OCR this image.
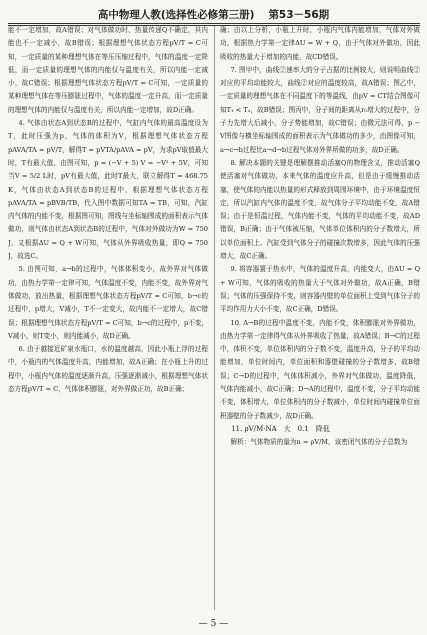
高中物理人教(选择性必修第三册) 第53－56期

能不一定增加，故A错误；对气体做功时，热量传递Q不确定，其内能也不一定减小，故B错误；根据理想气体状态方程pV/T = C可知，一定质量的某种理想气体在等压压缩过程中，气体的温度一定降低，而一定质量的理想气体的内能仅与温度有关，所以内能一定减小，故C错误；根据理想气体状态方程pV/T = C可知，一定质量的某种理想气体在等压膨胀过程中，气体的温度一定升高，而一定质量的理想气体的内能仅与温度有关，所以内能一定增加，故D正确。

4. 气体由状态A到状态B的过程中，气缸内气体的最高温度设为T，此时压强为p，气体的体积为V，根据理想气体状态方程pAVA/TA = pV/T，解得T = pVTA/pAVA = pV，为求pV取值最大时，T有最大值，由图可知，p = (−V + 5) V = −V² + 5V，可知当V = 5/2 L时，pV有最大值，此时T最大，联立解得T = 468.75 K，气体由状态A到状态B的过程中，根据理想气体状态方程pAVA/TA = pBVB/TB，代入图中数据可知TA = TB，可知，汽缸内气体的内能不变，根据图可知，图线与坐标轴围成的面积表示气体做功，则气体由状态A到状态B的过程中，气体对外做功为W = 750 J，又根据ΔU = Q + W可知，气体从外界吸收热量，即Q = 750 J，故选C。

5. 由图可知，a→b的过程中，气体体积变小，故外界对气体做功，由热力学第一定律可知，气体温度不变，内能不变，故外界对气体做功，放出热量，根据理想气体状态方程pV/T = C可知，b→c的过程中，p增大，V减小，T不一定变大，故内能不一定增大，故C错误；根据理想气体状态方程pV/T = C可知，b→c的过程中，p不变，V减小，则T变小，则内能减小，故D正确。

6. 由于越接近矿泉水瓶口，水的温度越高，因此小瓶上浮的过程中，小瓶内的气体温度升高，内能增加，故A正确；在小瓶上升的过程中，小瓶内气体的温度逐渐升高，压强逐渐减小，根据理想气体状态方程pV/T = C，气体体积膨胀，对外界做正功，故B正确；

确；由以上分析，小瓶上升时，小瓶内气体内能增加，气体对外做功，根据热力学第一定律ΔU = W + Q，由于气体对外做功，因此吸收的热量大于增加的内能，故CD错误。

7. 图甲中，曲线②速率大的分子占据的比例较大，则说明曲线②对应的平均动能较大，曲线②对应的温度较高，故A错误；图乙中，一定质量的理想气体在不同温度下的等温线，由pV = CT结合图像可知T₁ < T₂，故B错误；图丙中，分子间的距离从r₀增大的过程中，分子力先增大后减小，分子势能增加，故C错误；由微元法可得，p − V图像与横坐标轴围成的面积表示为气体做功的多少，由图像可知，a→c→b过程比a→d→b过程气体对外界所做的功多，故D正确。

8. 解决本题的关键是理解摆推动活塞Q的物理含义，推动活塞Q使活塞对气体做功，本来气体的温度应升高，但是由于缓慢推动活塞，使气体的内能以热量的形式释放到周围环境中，由于环境温度恒定，所以汽缸内气体的温度不变，故气体分子平均动能不变，故A错误；由于是恒温过程，气体内能不变，气体的平均动能不变，故AD错误，B正确；由于气体被压缩，气体单位体积内的分子数增大，所以单位面积上、汽缸受到气体分子的碰撞次数增多，因此气体的压强增大，故C正确。

9. 将容器置于热水中，气体的温度升高，内能变大，由ΔU = Q + W可知，气体的吸收的热量大于气体对外做功，故A正确，B错误；气体的压强保持不变，则容器内壁的单位面积上受到气体分子的平均作用力大小不变，故C正确，D错误。

10. A→B的过程中温度不变，内能不变，体积膨胀对外界做功，由热力学第一定律得气体从外界吸收了热量，故A错误；B→C的过程中，体积不变，单位体积内的分子数不变，温度升高，分子的平均动能增加，单位时间内，单位面积和器壁碰撞的分子数增多，故B错误；C→D的过程中，气体体积减小，外界对气体做功，温度降低，气体内能减小，故C正确；D→A的过程中，温度不变，分子平均动能不变，体积增大，单位体积内的分子数减小，单位时间内碰撞单位面积器壁的分子数减少，故D正确。

11. ρV/M·NA　大　0.1　降低

解析：气体物质的量为n = ρV/M，该密闭气体的分子总数为

— 5 —
